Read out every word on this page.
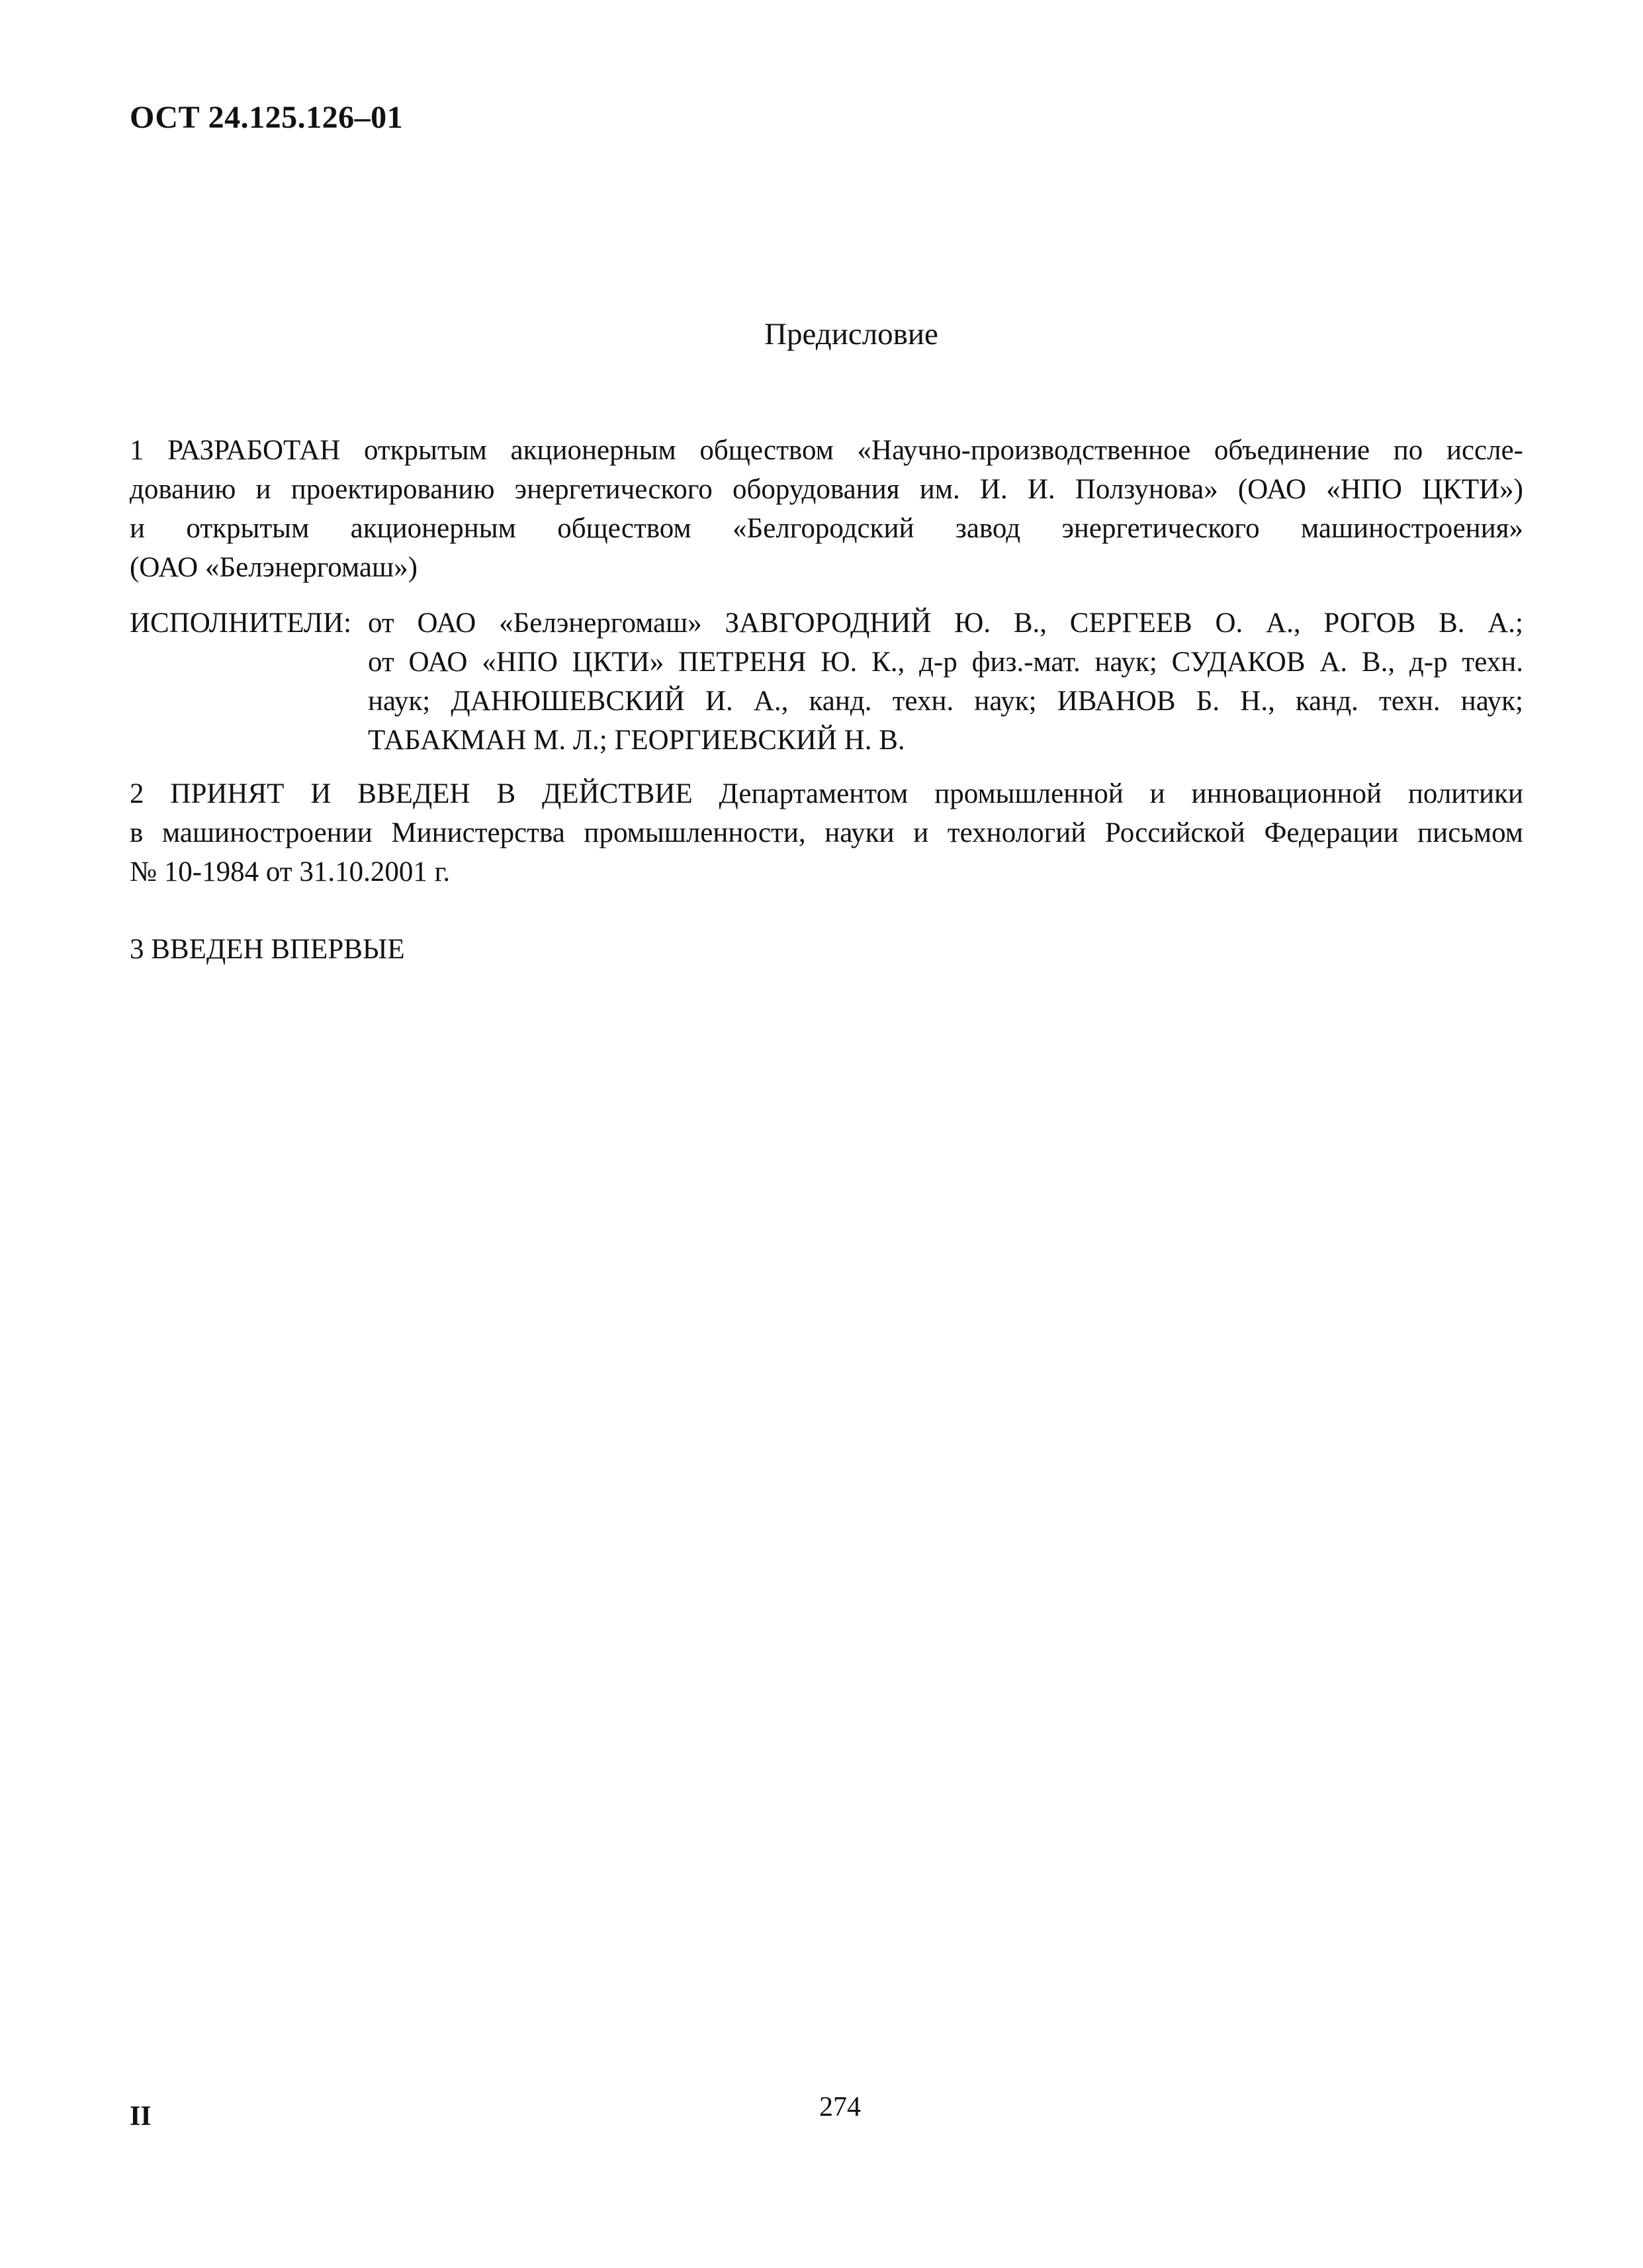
ОСТ 24.125.126–01
Предисловие
1 РАЗРАБОТАН открытым акционерным обществом «Научно-производственное объединение по иссле-
дованию и проектированию энергетического оборудования им. И. И. Ползунова» (ОАО «НПО ЦКТИ»)
и открытым акционерным обществом «Белгородский завод энергетического машиностроения»
(ОАО «Белэнергомаш»)
ИСПОЛНИТЕЛИ: от ОАО «Белэнергомаш» ЗАВГОРОДНИЙ Ю. В., СЕРГЕЕВ О. А., РОГОВ В. А.;
от ОАО «НПО ЦКТИ» ПЕТРЕНЯ Ю. К., д-р физ.-мат. наук; СУДАКОВ А. В., д-р техн.
наук; ДАНЮШЕВСКИЙ И. А., канд. техн. наук; ИВАНОВ Б. Н., канд. техн. наук;
ТАБАКМАН М. Л.; ГЕОРГИЕВСКИЙ Н. В.
2 ПРИНЯТ И ВВЕДЕН В ДЕЙСТВИЕ Департаментом промышленной и инновационной политики
в машиностроении Министерства промышленности, науки и технологий Российской Федерации письмом
№ 10-1984 от 31.10.2001 г.
3 ВВЕДЕН ВПЕРВЫЕ
II	274
